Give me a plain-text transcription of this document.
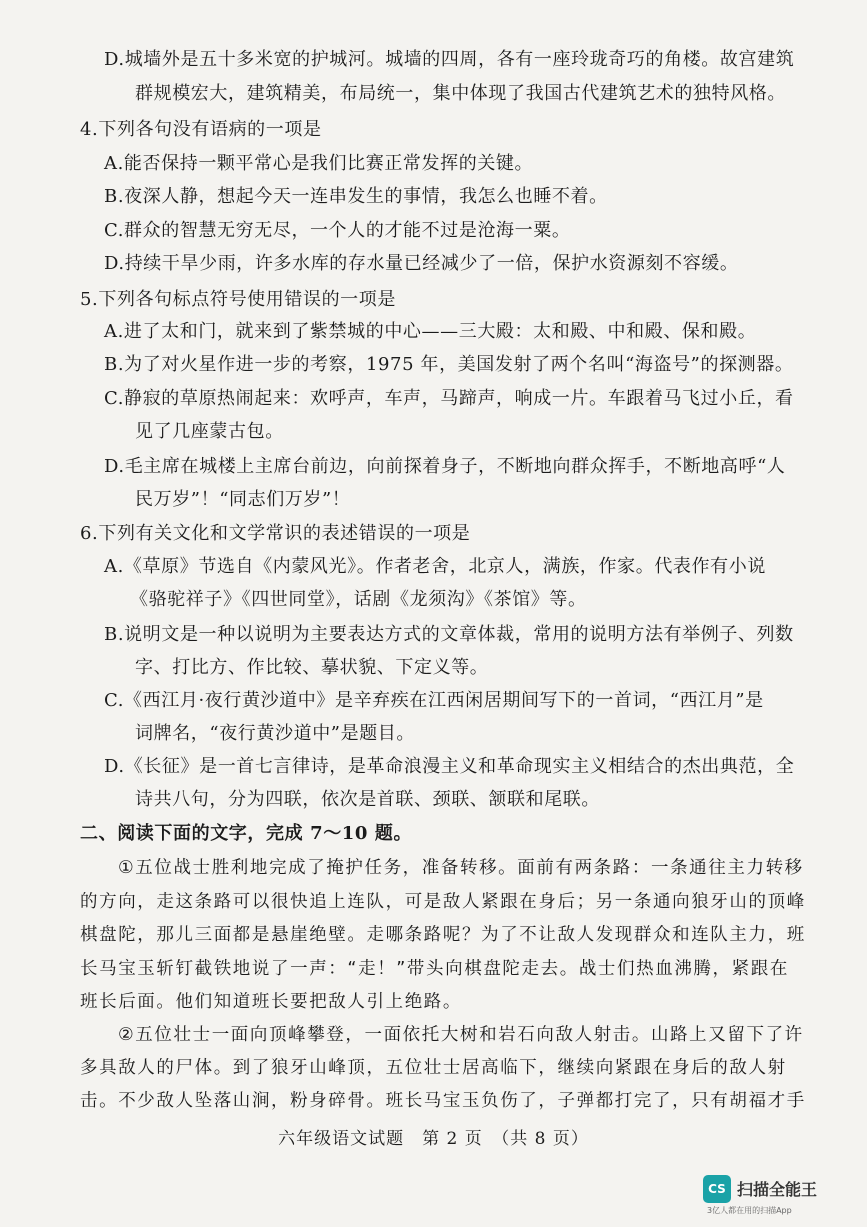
D.城墙外是五十多米宽的护城河。城墙的四周，各有一座玲珑奇巧的角楼。故宫建筑
群规模宏大，建筑精美，布局统一，集中体现了我国古代建筑艺术的独特风格。
4.下列各句没有语病的一项是
A.能否保持一颗平常心是我们比赛正常发挥的关键。
B.夜深人静，想起今天一连串发生的事情，我怎么也睡不着。
C.群众的智慧无穷无尽，一个人的才能不过是沧海一粟。
D.持续干旱少雨，许多水库的存水量已经减少了一倍，保护水资源刻不容缓。
5.下列各句标点符号使用错误的一项是
A.进了太和门，就来到了紫禁城的中心——三大殿：太和殿、中和殿、保和殿。
B.为了对火星作进一步的考察，1975 年，美国发射了两个名叫“海盗号”的探测器。
C.静寂的草原热闹起来：欢呼声，车声，马蹄声，响成一片。车跟着马飞过小丘，看
见了几座蒙古包。
D.毛主席在城楼上主席台前边，向前探着身子，不断地向群众挥手，不断地高呼“人
民万岁”！“同志们万岁”！
6.下列有关文化和文学常识的表述错误的一项是
A.《草原》节选自《内蒙风光》。作者老舍，北京人，满族，作家。代表作有小说
《骆驼祥子》《四世同堂》，话剧《龙须沟》《茶馆》等。
B.说明文是一种以说明为主要表达方式的文章体裁，常用的说明方法有举例子、列数
字、打比方、作比较、摹状貌、下定义等。
C.《西江月·夜行黄沙道中》是辛弃疾在江西闲居期间写下的一首词，“西江月”是
词牌名，“夜行黄沙道中”是题目。
D.《长征》是一首七言律诗，是革命浪漫主义和革命现实主义相结合的杰出典范，全
诗共八句，分为四联，依次是首联、颈联、颔联和尾联。
二、阅读下面的文字，完成 7～10 题。
①五位战士胜利地完成了掩护任务，准备转移。面前有两条路：一条通往主力转移
的方向，走这条路可以很快追上连队，可是敌人紧跟在身后；另一条通向狼牙山的顶峰
棋盘陀，那儿三面都是悬崖绝壁。走哪条路呢？为了不让敌人发现群众和连队主力，班
长马宝玉斩钉截铁地说了一声：“走！”带头向棋盘陀走去。战士们热血沸腾，紧跟在
班长后面。他们知道班长要把敌人引上绝路。
②五位壮士一面向顶峰攀登，一面依托大树和岩石向敌人射击。山路上又留下了许
多具敌人的尸体。到了狼牙山峰顶，五位壮士居高临下，继续向紧跟在身后的敌人射
击。不少敌人坠落山涧，粉身碎骨。班长马宝玉负伤了，子弹都打完了，只有胡福才手
六年级语文试题　第 2 页　（共 8 页）
CS 扫描全能王
3亿人都在用的扫描App
